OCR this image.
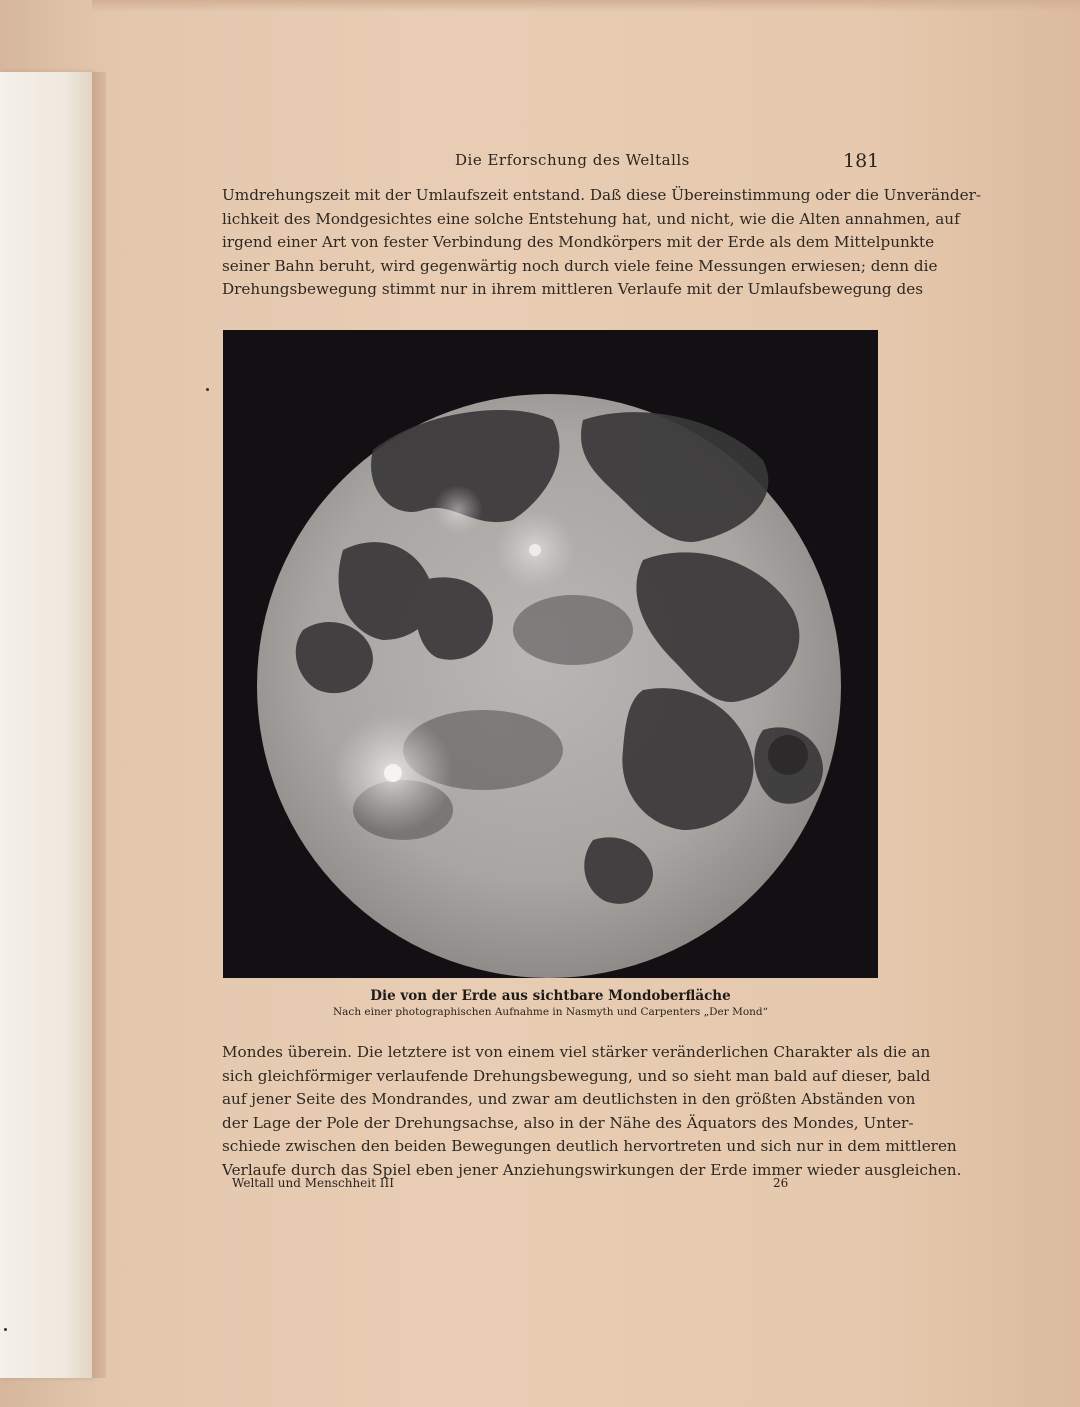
Die Erforschung des Weltalls	181
Umdrehungszeit mit der Umlaufszeit entstand. Daß diese Übereinstimmung oder die Unveränder-
lichkeit des Mondgesichtes eine solche Entstehung hat, und nicht, wie die Alten annahmen, auf
irgend einer Art von fester Verbindung des Mondkörpers mit der Erde als dem Mittelpunkte
seiner Bahn beruht, wird gegenwärtig noch durch viele feine Messungen erwiesen; denn die
Drehungsbewegung stimmt nur in ihrem mittleren Verlaufe mit der Umlaufsbewegung des
Die von der Erde aus sichtbare Mondoberfläche
Nach einer photographischen Aufnahme in Nasmyth und Carpenters „Der Mond“
Mondes überein. Die letztere ist von einem viel stärker veränderlichen Charakter als die an
sich gleichförmiger verlaufende Drehungsbewegung, und so sieht man bald auf dieser, bald
auf jener Seite des Mondrandes, und zwar am deutlichsten in den größten Abständen von
der Lage der Pole der Drehungsachse, also in der Nähe des Äquators des Mondes, Unter-
schiede zwischen den beiden Bewegungen deutlich hervortreten und sich nur in dem mittleren
Verlaufe durch das Spiel eben jener Anziehungswirkungen der Erde immer wieder ausgleichen.
Weltall und Menschheit III	26
